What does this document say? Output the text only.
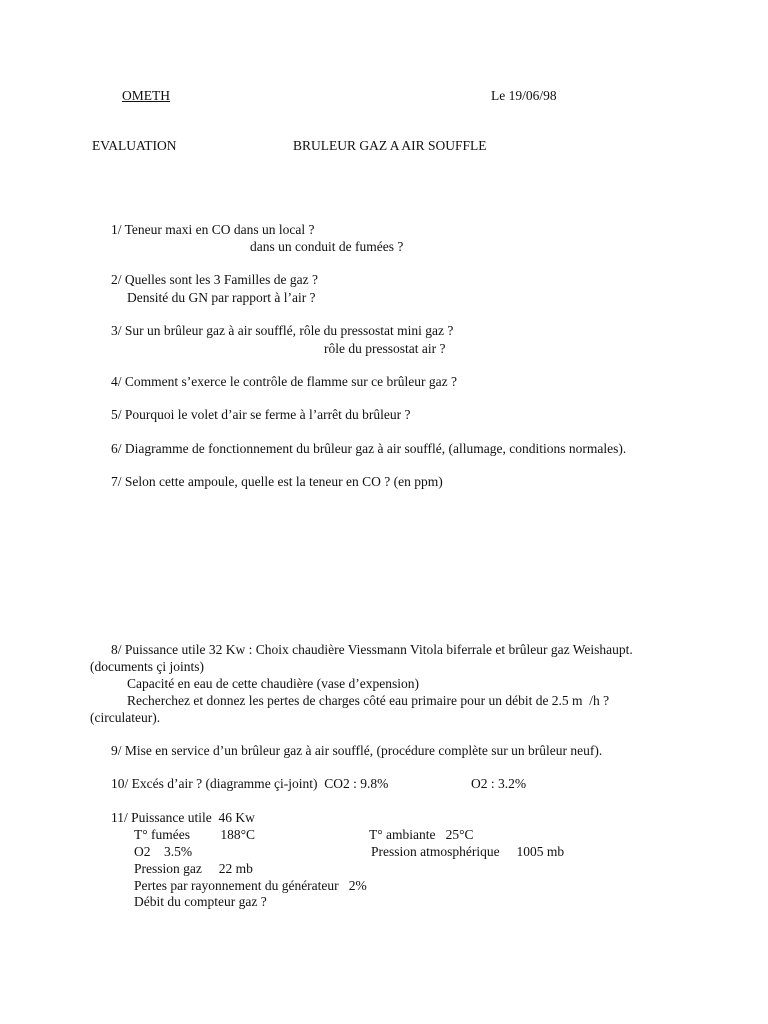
OMETH	Le 19/06/98
EVALUATION	BRULEUR GAZ A AIR SOUFFLE
1/ Teneur maxi en CO dans un local ?
dans un conduit de fumées ?
2/ Quelles sont les 3 Familles de gaz ?
Densité du GN par rapport à l’air ?
3/ Sur un brûleur gaz à air soufflé, rôle du pressostat mini gaz ?
rôle du pressostat air ?
4/ Comment s’exerce le contrôle de flamme sur ce brûleur gaz ?
5/ Pourquoi le volet d’air se ferme à l’arrêt du brûleur ?
6/ Diagramme de fonctionnement du brûleur gaz à air soufflé, (allumage, conditions normales).
7/ Selon cette ampoule, quelle est la teneur en CO ? (en ppm)
8/ Puissance utile 32 Kw : Choix chaudière Viessmann Vitola biferrale et brûleur gaz Weishaupt.
(documents çi joints)
Capacité en eau de cette chaudière (vase d’expension)
Recherchez et donnez les pertes de charges côté eau primaire pour un débit de 2.5 m  /h ?
(circulateur).
9/ Mise en service d’un brûleur gaz à air soufflé, (procédure complète sur un brûleur neuf).
10/ Excés d’air ? (diagramme çi-joint)  CO2 : 9.8%	O2 : 3.2%
11/ Puissance utile  46 Kw
T° fumées         188°C	T° ambiante   25°C
O2    3.5%	Pression atmosphérique     1005 mb
Pression gaz     22 mb
Pertes par rayonnement du générateur   2%
Débit du compteur gaz ?
